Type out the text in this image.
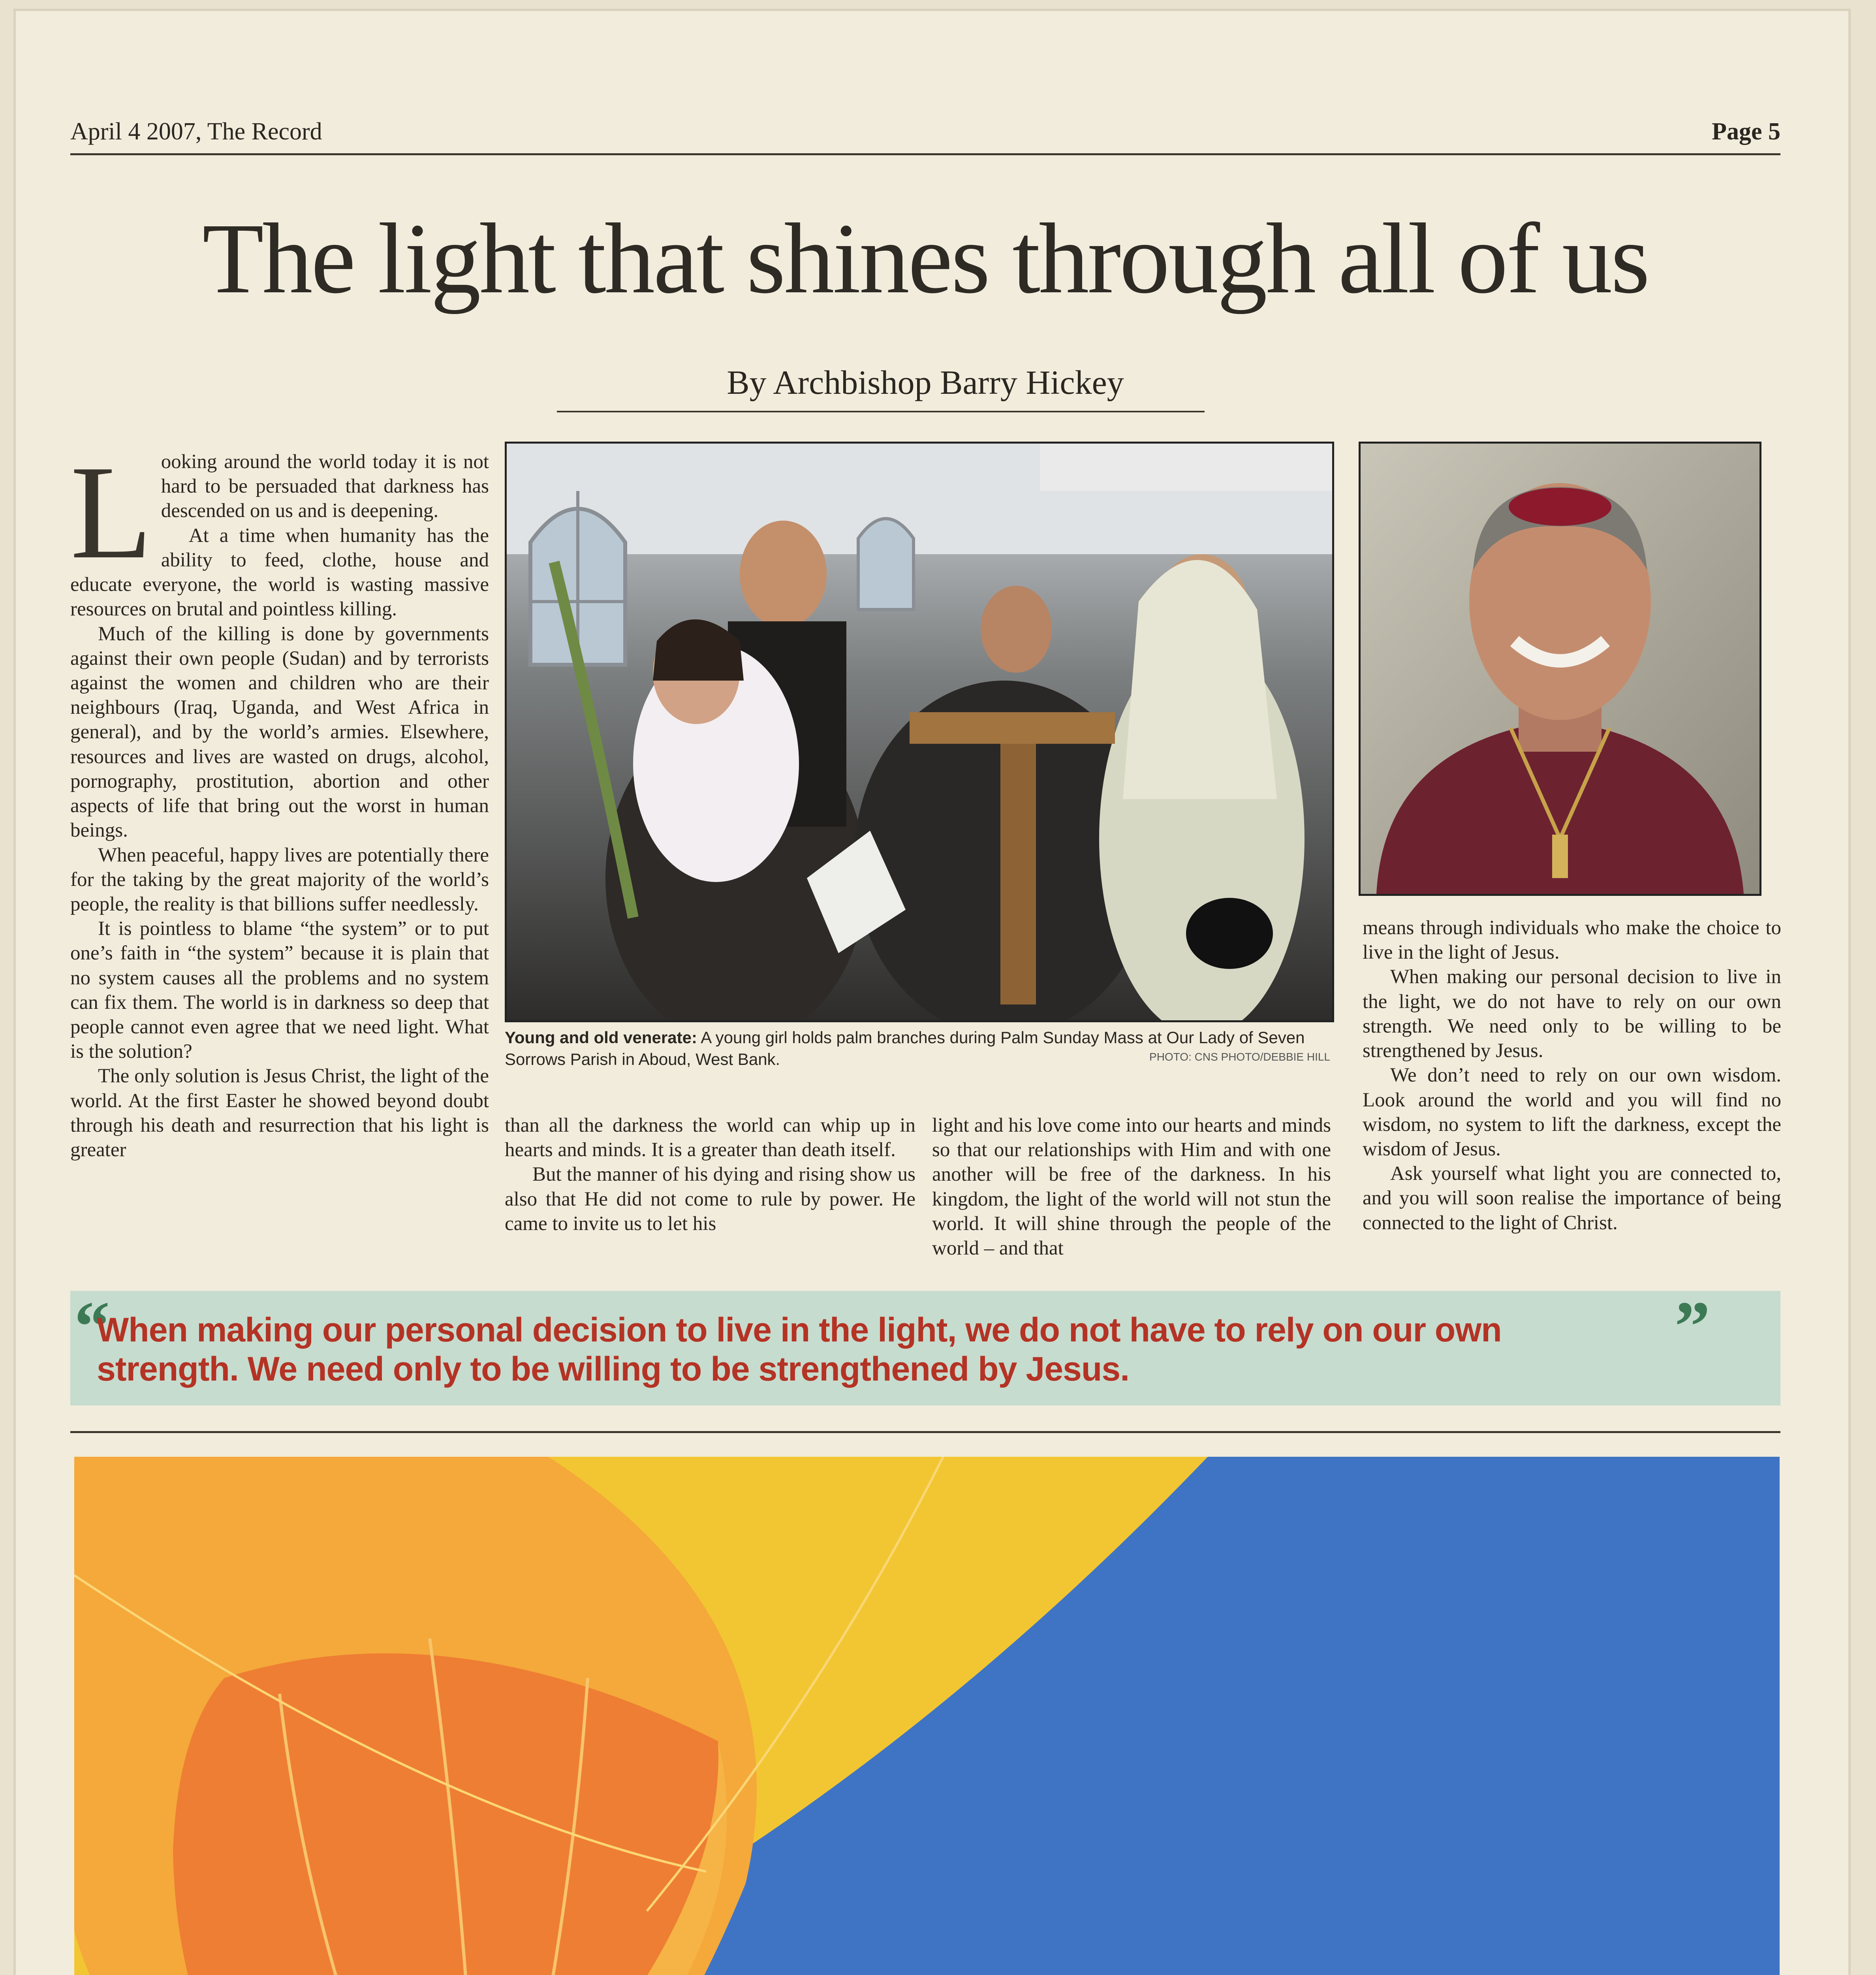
April 4 2007, The Record	Page 5
The light that shines through all of us
By Archbishop Barry Hickey
L ooking around the world today it is not hard to be persuaded that darkness has descended on us and is deepening.

At a time when humanity has the ability to feed, clothe, house and educate everyone, the world is wasting massive resources on brutal and pointless killing.

Much of the killing is done by governments against their own people (Sudan) and by terrorists against the women and children who are their neighbours (Iraq, Uganda, and West Africa in general), and by the world’s armies. Elsewhere, resources and lives are wasted on drugs, alcohol, pornography, prostitution, abortion and other aspects of life that bring out the worst in human beings.

When peaceful, happy lives are potentially there for the taking by the great majority of the world’s people, the reality is that billions suffer needlessly.

It is pointless to blame “the system” or to put one’s faith in “the system” because it is plain that no system causes all the problems and no system can fix them. The world is in darkness so deep that people cannot even agree that we need light. What is the solution?

The only solution is Jesus Christ, the light of the world. At the first Easter he showed beyond doubt through his death and resurrection that his light is greater

Young and old venerate: A young girl holds palm branches during Palm Sunday Mass at Our Lady of Seven Sorrows Parish in Aboud, West Bank.	PHOTO: CNS PHOTO/DEBBIE HILL

than all the darkness the world can whip up in hearts and minds. It is a greater than death itself.

But the manner of his dying and rising show us also that He did not come to rule by power. He came to invite us to let his

light and his love come into our hearts and minds so that our relationships with Him and with one another will be free of the darkness. In his kingdom, the light of the world will not stun the world. It will shine through the people of the world – and that

means through individuals who make the choice to live in the light of Jesus.

When making our personal decision to live in the light, we do not have to rely on our own strength. We need only to be willing to be strengthened by Jesus.

We don’t need to rely on our own wisdom. Look around the world and you will find no wisdom, no system to lift the darkness, except the wisdom of Jesus.

Ask yourself what light you are connected to, and you will soon realise the importance of being connected to the light of Christ.

“
When making our personal decision to live in the light, we do not have to rely on our own strength. We need only to be willing to be strengthened by Jesus.
”
